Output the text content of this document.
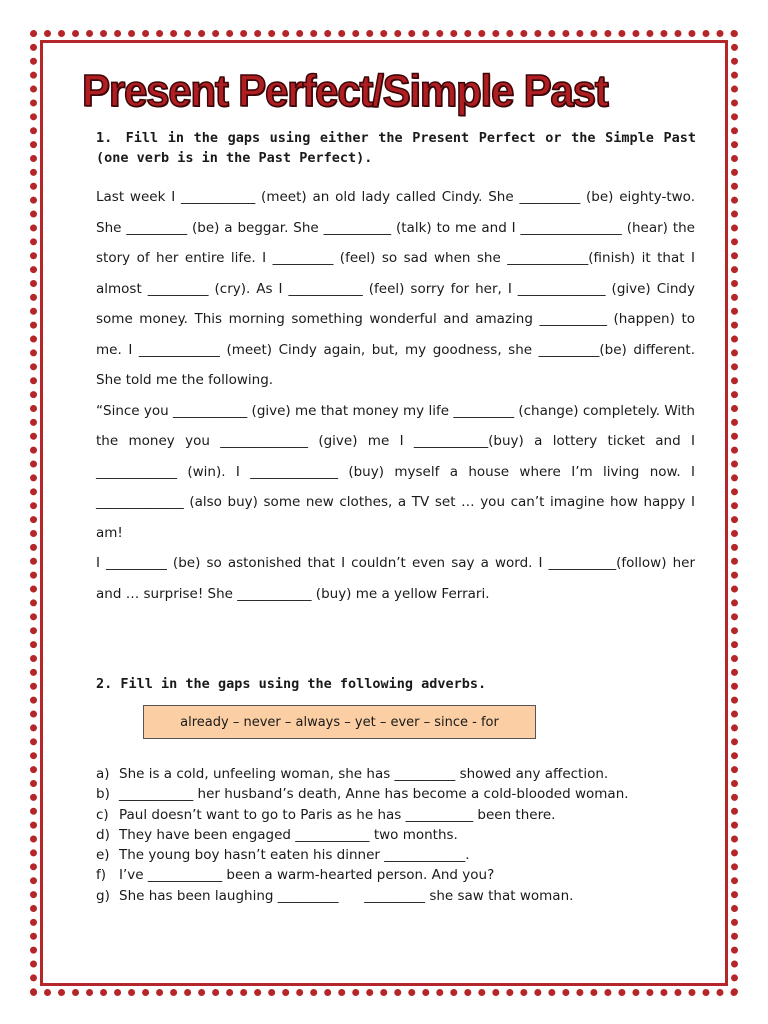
Present Perfect/Simple Past
1. Fill in the gaps using either the Present Perfect or the Simple Past (one verb is in the Past Perfect).

Last week I ___________ (meet) an old lady called Cindy. She _________ (be) eighty-two. She _________ (be) a beggar. She __________ (talk) to me and I _______________ (hear) the story of her entire life. I _________ (feel) so sad when she ____________(finish) it that I almost _________ (cry). As I ___________ (feel) sorry for her, I _____________ (give) Cindy some money. This morning something wonderful and amazing __________ (happen) to me. I ____________ (meet) Cindy again, but, my goodness, she _________(be) different. She told me the following.

“Since you ___________ (give) me that money my life _________ (change) completely. With the money you _____________ (give) me I ___________(buy) a lottery ticket and I ____________ (win). I _____________ (buy) myself a house where I’m living now. I _____________ (also buy) some new clothes, a TV set … you can’t imagine how happy I am!

I _________ (be) so astonished that I couldn’t even say a word. I __________(follow) her and … surprise! She ___________ (buy) me a yellow Ferrari.

2. Fill in the gaps using the following adverbs.
already – never – always – yet – ever – since - for
a) She is a cold, unfeeling woman, she has _________ showed any affection.
b) ___________ her husband’s death, Anne has become a cold-blooded woman.
c) Paul doesn’t want to go to Paris as he has __________ been there.
d) They have been engaged ___________ two months.
e) The young boy hasn’t eaten his dinner ____________.
f) I’ve ___________ been a warm-hearted person. And you?
g) She has been laughing _________      _________ she saw that woman.
